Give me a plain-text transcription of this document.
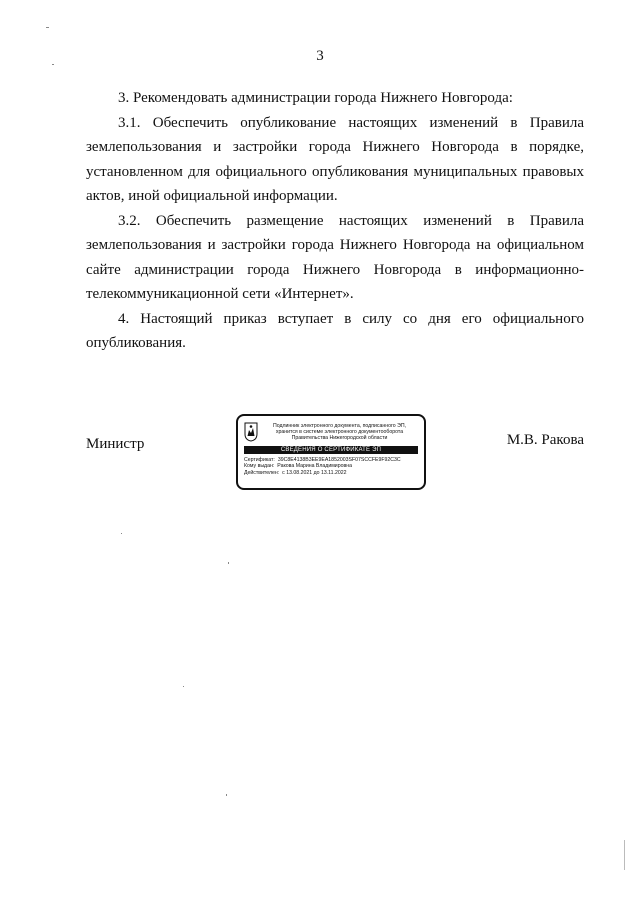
3

3. Рекомендовать администрации города Нижнего Новгорода:

3.1. Обеспечить опубликование настоящих изменений в Правила землепользования и застройки города Нижнего Новгорода в порядке, установленном для официального опубликования муниципальных правовых актов, иной официальной информации.

3.2. Обеспечить размещение настоящих изменений в Правила землепользования и застройки города Нижнего Новгорода на официальном сайте администрации города Нижнего Новгорода в информационно-телекоммуникационной сети «Интернет».

4. Настоящий приказ вступает в силу со дня его официального опубликования.

Министр
Подлинник электронного документа, подписанного ЭП,
хранится в системе электронного документооборота
Правительства Нижегородской области
СВЕДЕНИЯ О СЕРТИФИКАТЕ ЭП
Сертификат: 39C8E4138B3EE9EA1852003SF07SCCFE9F92C3C
Кому выдан: Ракова Марина Владимировна
Действителен: с 13.08.2021 до 13.11.2022
М.В. Ракова
